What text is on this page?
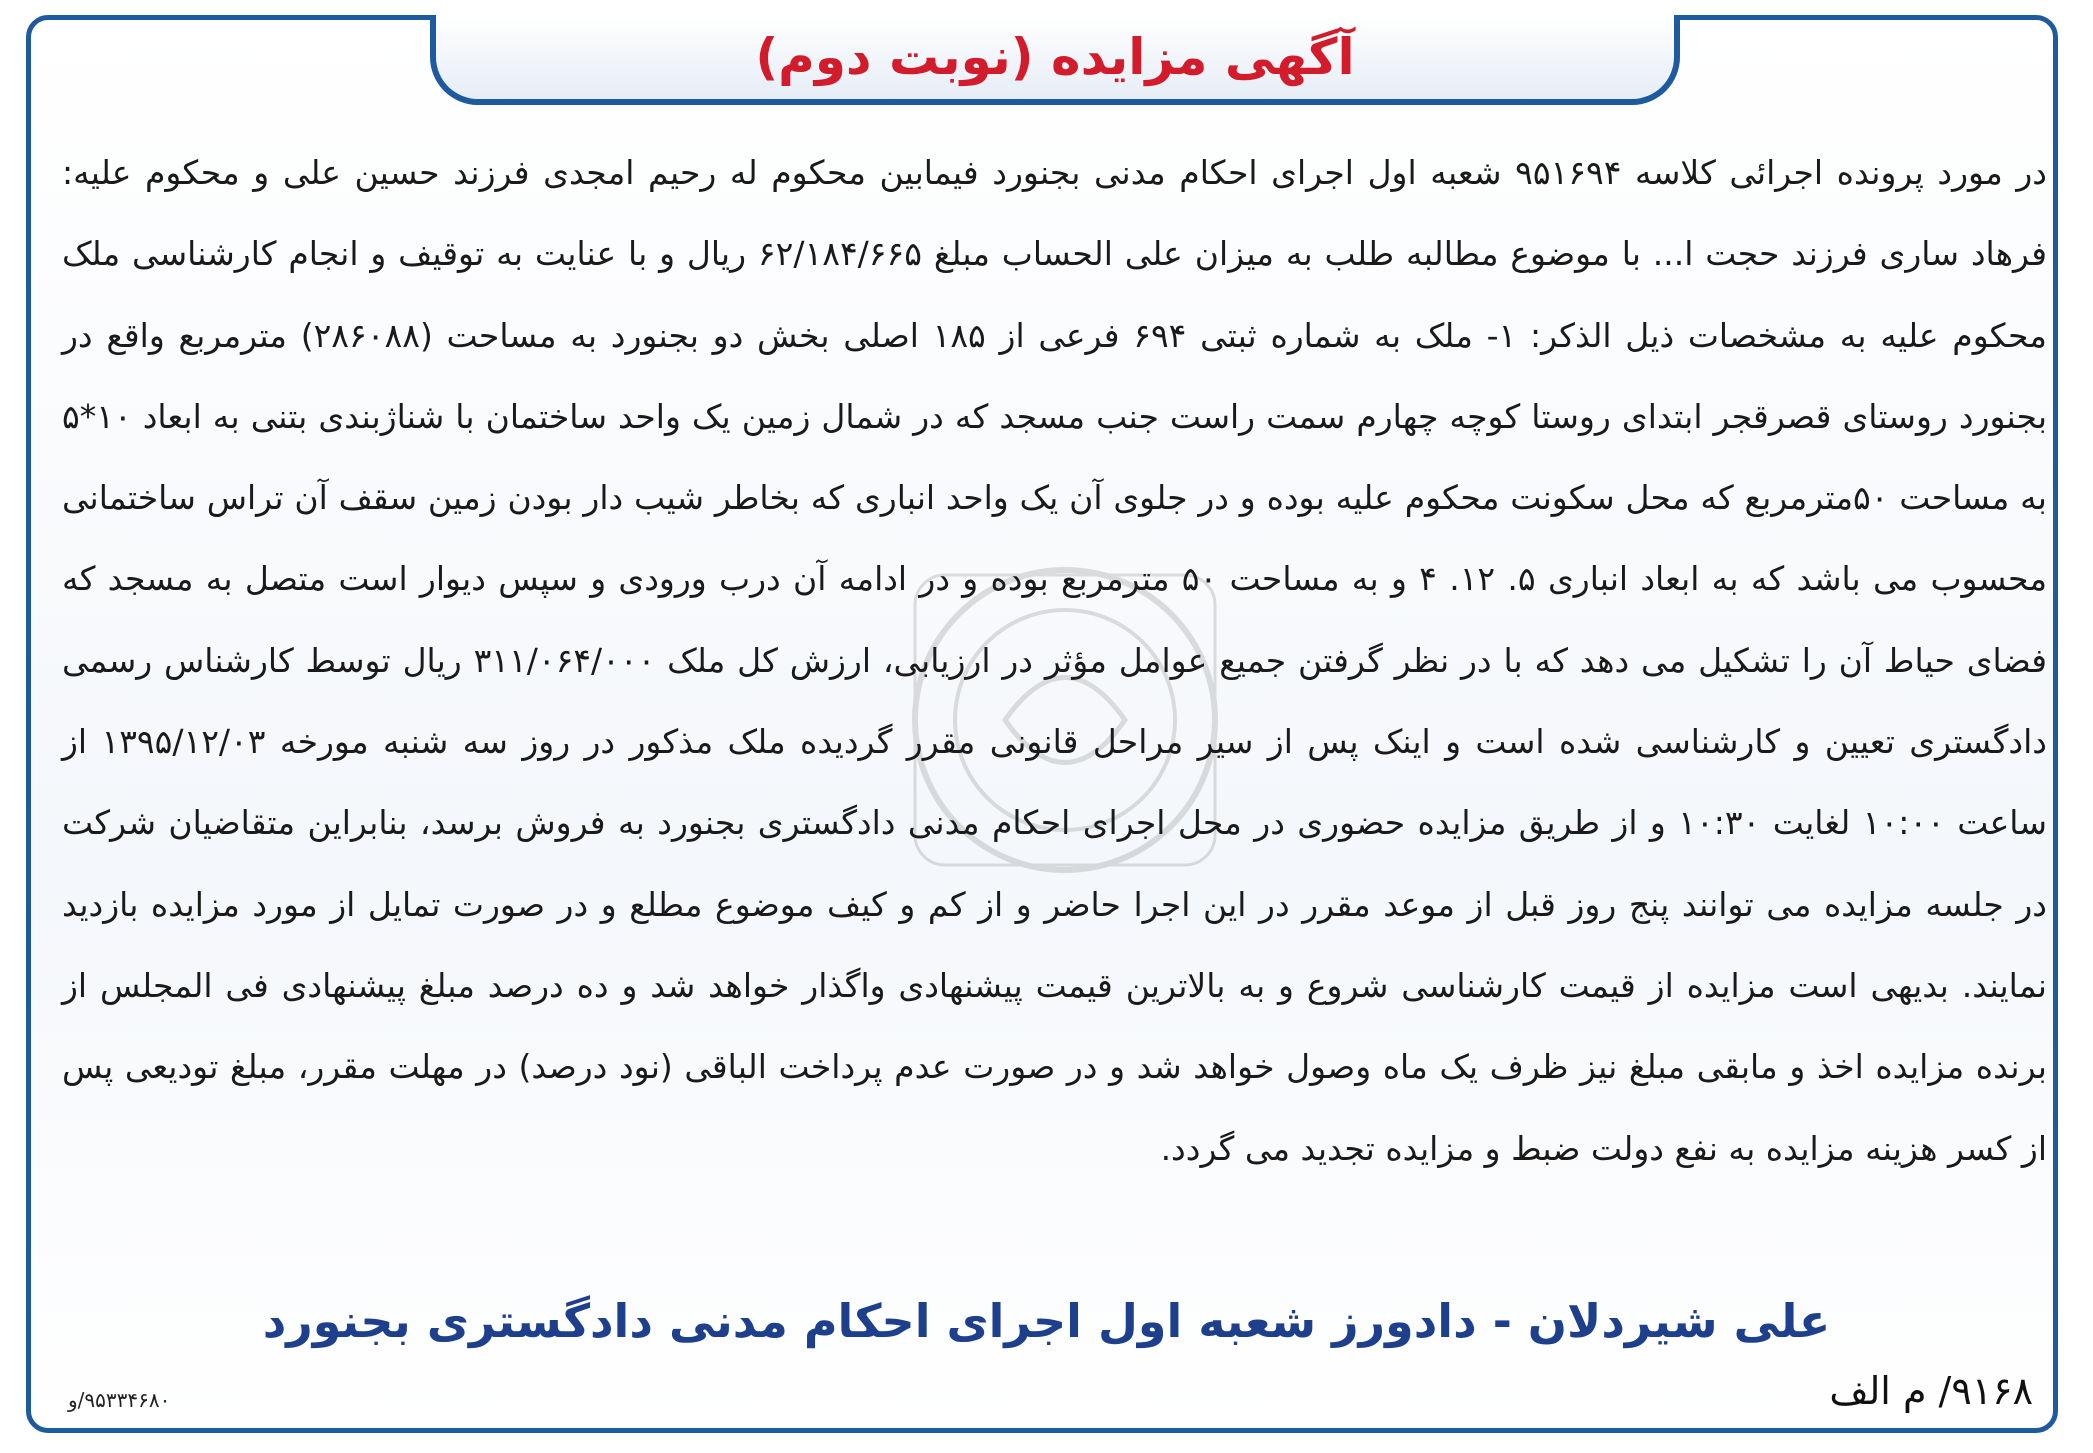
آگهی مزایده (نوبت دوم)

در مورد پرونده اجرائی کلاسه ۹۵۱۶۹۴ شعبه اول اجرای احکام مدنی بجنورد فیمابین محکوم له رحیم امجدی فرزند حسین علی و محکوم علیه: فرهاد ساری فرزند حجت ا... با موضوع مطالبه طلب به میزان علی الحساب مبلغ ۶۲/۱۸۴/۶۶۵ ریال و با عنایت به توقیف و انجام کارشناسی ملک محکوم علیه به مشخصات ذیل الذکر: ۱- ملک به شماره ثبتی ۶۹۴ فرعی از ۱۸۵ اصلی بخش دو بجنورد به مساحت (۲۸۶۰۸۸) مترمربع واقع در بجنورد روستای قصرقجر ابتدای روستا کوچه چهارم سمت راست جنب مسجد که در شمال زمین یک واحد ساختمان با شناژبندی بتنی به ابعاد ۱۰*۵ به مساحت ۵۰مترمربع که محل سکونت محکوم علیه بوده و در جلوی آن یک واحد انباری که بخاطر شیب دار بودن زمین سقف آن تراس ساختمانی محسوب می باشد که به ابعاد انباری ۵. ۱۲. ۴ و به مساحت ۵۰ مترمربع بوده و در ادامه آن درب ورودی و سپس دیوار است متصل به مسجد که فضای حیاط آن را تشکیل می دهد که با در نظر گرفتن جمیع عوامل مؤثر در ارزیابی، ارزش کل ملک ۳۱۱/۰۶۴/۰۰۰ ریال توسط کارشناس رسمی دادگستری تعیین و کارشناسی شده است و اینک پس از سیر مراحل قانونی مقرر گردیده ملک مذکور در روز سه شنبه مورخه ۱۳۹۵/۱۲/۰۳ از ساعت ۱۰:۰۰ لغایت ۱۰:۳۰ و از طریق مزایده حضوری در محل اجرای احکام مدنی دادگستری بجنورد به فروش برسد، بنابراین متقاضیان شرکت در جلسه مزایده می توانند پنج روز قبل از موعد مقرر در این اجرا حاضر و از کم و کیف موضوع مطلع و در صورت تمایل از مورد مزایده بازدید نمایند. بدیهی است مزایده از قیمت کارشناسی شروع و به بالاترین قیمت پیشنهادی واگذار خواهد شد و ده درصد مبلغ پیشنهادی فی المجلس از برنده مزایده اخذ و مابقی مبلغ نیز ظرف یک ماه وصول خواهد شد و در صورت عدم پرداخت الباقی (نود درصد) در مهلت مقرر، مبلغ تودیعی پس از کسر هزینه مزایده به نفع دولت ضبط و مزایده تجدید می گردد.

علی شیردلان - دادورز شعبه اول اجرای احکام مدنی دادگستری بجنورد
۹۱۶۸/ م الف
۹۵۳۳۴۶۸۰/و
